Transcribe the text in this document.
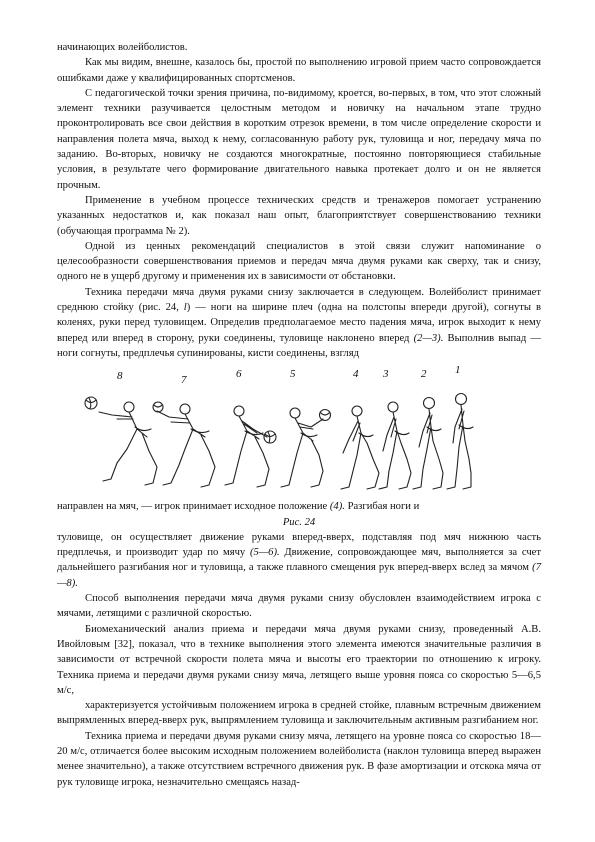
начинающих волейболистов.

Как мы видим, внешне, казалось бы, простой по выполнению игровой прием часто сопровождается ошибками даже у квалифицированных спортсменов.

С педагогической точки зрения причина, по-видимому, кроется, во-первых, в том, что этот сложный элемент техники разучивается целостным методом и новичку на начальном этапе трудно проконтролировать все свои действия в коротким отрезок времени, в том числе определение скорости и направления полета мяча, выход к нему, согласованную работу рук, туловища и ног, передачу мяча по заданию. Во-вторых, новичку не создаются многократные, постоянно повторяющиеся стабильные условия, в результате чего формирование двигательного навыка протекает долго и он не является прочным.

Применение в учебном процессе технических средств и тренажеров помогает устранению указанных недостатков и, как показал наш опыт, благоприятствует совершенствованию техники (обучающая программа № 2).

Одной из ценных рекомендаций специалистов в этой связи служит напоминание о целесообразности совершенствования приемов и передач мяча двумя руками как сверху, так и снизу, одного не в ущерб другому и применения их в зависимости от обстановки.

Техника передачи мяча двумя руками снизу заключается в следующем. Волейболист принимает среднюю стойку (рис. 24, l) — ноги на ширине плеч (одна на полстопы впереди другой), согнуты в коленях, руки перед туловищем. Определив предполагаемое место падения мяча, игрок выходит к нему вперед или вперед в сторону, руки соединены, туловище наклонено вперед (2—3). Выполнив выпад — ноги согнуты, предплечья супинированы, кисти соединены, взгляд

8	7	6	5	4 3	2	1

направлен на мяч, — игрок принимает исходное положение (4). Разгибая ноги и

Рис. 24

туловище, он осуществляет движение руками вперед-вверх, подставляя под мяч нижнюю часть предплечья, и производит удар по мячу (5—6). Движение, сопровождающее мяч, выполняется за счет дальнейшего разгибания ног и туловища, а также плавного смещения рук вперед-вверх вслед за мячом (7—8).

Способ выполнения передачи мяча двумя руками снизу обусловлен взаимодействием игрока с мячами, летящими с различной скоростью.

Биомеханический анализ приема и передачи мяча двумя руками снизу, проведенный А.В. Ивойловым [32], показал, что в технике выполнения этого элемента имеются значительные различия в зависимости от встречной скорости полета мяча и высоты его траектории по отношению к игроку. Техника приема и передачи двумя руками снизу мяча, летящего выше уровня пояса со скоростью 5—6,5 м/с,

характеризуется устойчивым положением игрока в средней стойке, плавным встречным движением выпрямленных вперед-вверх рук, выпрямлением туловища и заключительным активным разгибанием ног.

Техника приема и передачи двумя руками снизу мяча, летящего на уровне пояса со скоростью 18—20 м/с, отличается более высоким исходным положением волейболиста (наклон туловища вперед выражен менее значительно), а также отсутствием встречного движения рук. В фазе амортизации и отскока мяча от рук туловище игрока, незначительно смещаясь назад-
